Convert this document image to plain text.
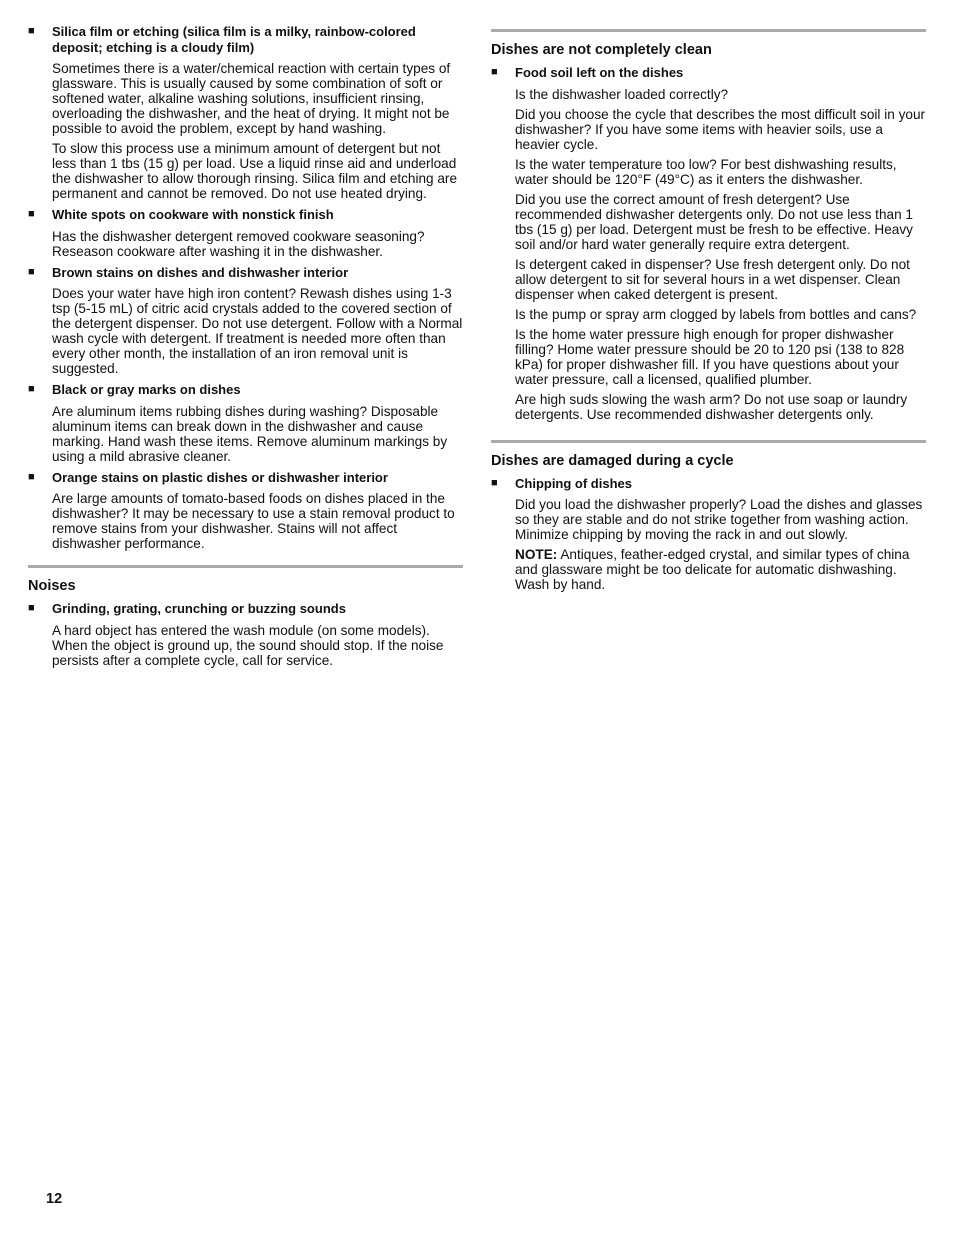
■	Silica film or etching (silica film is a milky, rainbow-colored deposit; etching is a cloudy film)

Sometimes there is a water/chemical reaction with certain types of glassware. This is usually caused by some combination of soft or softened water, alkaline washing solutions, insufficient rinsing, overloading the dishwasher, and the heat of drying. It might not be possible to avoid the problem, except by hand washing.

To slow this process use a minimum amount of detergent but not less than 1 tbs (15 g) per load. Use a liquid rinse aid and underload the dishwasher to allow thorough rinsing. Silica film and etching are permanent and cannot be removed. Do not use heated drying.

■	White spots on cookware with nonstick finish

Has the dishwasher detergent removed cookware seasoning? Reseason cookware after washing it in the dishwasher.

■	Brown stains on dishes and dishwasher interior

Does your water have high iron content? Rewash dishes using 1-3 tsp (5-15 mL) of citric acid crystals added to the covered section of the detergent dispenser. Do not use detergent. Follow with a Normal wash cycle with detergent. If treatment is needed more often than every other month, the installation of an iron removal unit is suggested.

■	Black or gray marks on dishes

Are aluminum items rubbing dishes during washing? Disposable aluminum items can break down in the dishwasher and cause marking. Hand wash these items. Remove aluminum markings by using a mild abrasive cleaner.

■	Orange stains on plastic dishes or dishwasher interior

Are large amounts of tomato-based foods on dishes placed in the dishwasher? It may be necessary to use a stain removal product to remove stains from your dishwasher. Stains will not affect dishwasher performance.

Noises
■	Grinding, grating, crunching or buzzing sounds

A hard object has entered the wash module (on some models). When the object is ground up, the sound should stop. If the noise persists after a complete cycle, call for service.

Dishes are not completely clean
■	Food soil left on the dishes

Is the dishwasher loaded correctly?

Did you choose the cycle that describes the most difficult soil in your dishwasher? If you have some items with heavier soils, use a heavier cycle.

Is the water temperature too low? For best dishwashing results, water should be 120°F (49°C) as it enters the dishwasher.

Did you use the correct amount of fresh detergent? Use recommended dishwasher detergents only. Do not use less than 1 tbs (15 g) per load. Detergent must be fresh to be effective. Heavy soil and/or hard water generally require extra detergent.

Is detergent caked in dispenser? Use fresh detergent only. Do not allow detergent to sit for several hours in a wet dispenser. Clean dispenser when caked detergent is present.

Is the pump or spray arm clogged by labels from bottles and cans?

Is the home water pressure high enough for proper dishwasher filling? Home water pressure should be 20 to 120 psi (138 to 828 kPa) for proper dishwasher fill. If you have questions about your water pressure, call a licensed, qualified plumber.

Are high suds slowing the wash arm? Do not use soap or laundry detergents. Use recommended dishwasher detergents only.

Dishes are damaged during a cycle
■	Chipping of dishes

Did you load the dishwasher properly? Load the dishes and glasses so they are stable and do not strike together from washing action. Minimize chipping by moving the rack in and out slowly.

NOTE: Antiques, feather-edged crystal, and similar types of china and glassware might be too delicate for automatic dishwashing. Wash by hand.

12
